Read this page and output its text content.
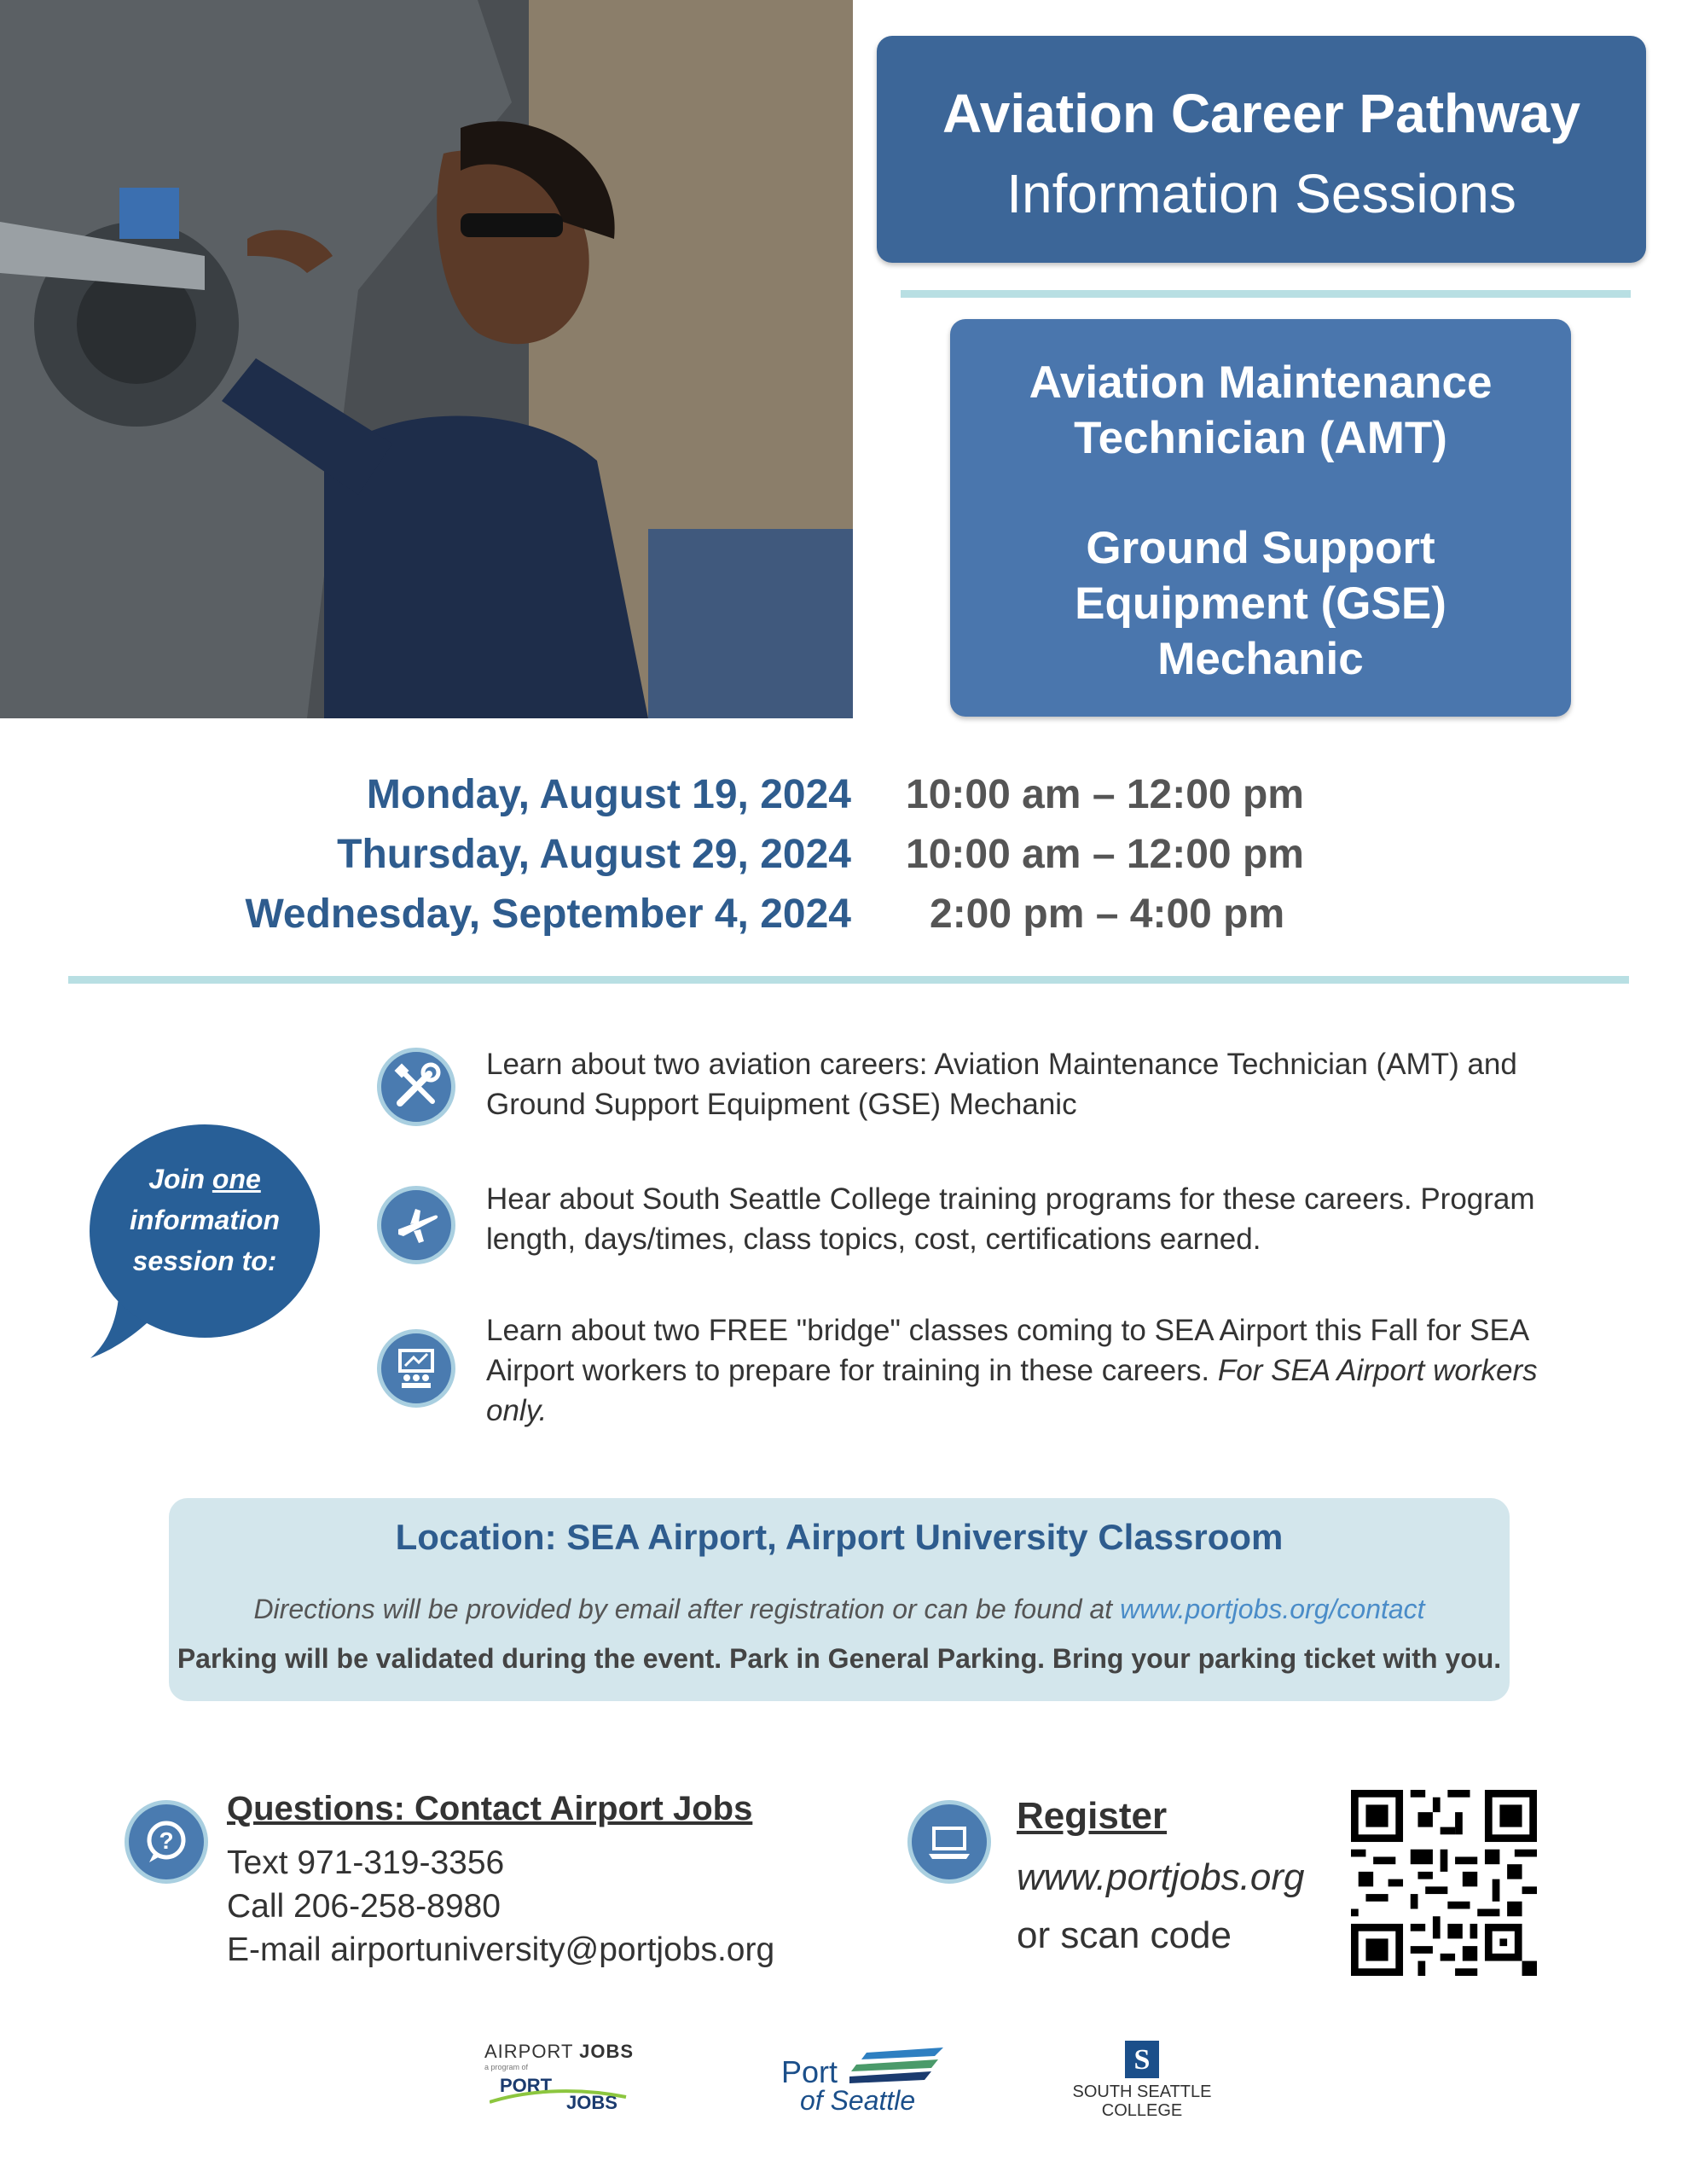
Aviation Career Pathway
Information Sessions
Aviation Maintenance
Technician (AMT)
Ground Support
Equipment (GSE)
Mechanic
Monday, August 19, 2024 10:00 am – 12:00 pm
Thursday, August 29, 2024 10:00 am – 12:00 pm
Wednesday, September 4, 2024 2:00 pm – 4:00 pm
Join one
information
session to:
Learn about two aviation careers: Aviation Maintenance Technician (AMT) and Ground Support Equipment (GSE) Mechanic
Hear about South Seattle College training programs for these careers. Program length, days/times, class topics, cost, certifications earned.
Learn about two FREE "bridge" classes coming to SEA Airport this Fall for SEA Airport workers to prepare for training in these careers. For SEA Airport workers only.
Location: SEA Airport, Airport University Classroom
Directions will be provided by email after registration or can be found at www.portjobs.org/contact
Parking will be validated during the event. Park in General Parking. Bring your parking ticket with you.
?
Questions: Contact Airport Jobs
Text 971-319-3356
Call 206-258-8980
E-mail airportuniversity@portjobs.org
Register
www.portjobs.org
or scan code
AIRPORT JOBS
a program of
PORT
JOBS
Port
of Seattle
S
SOUTH SEATTLE
COLLEGE
